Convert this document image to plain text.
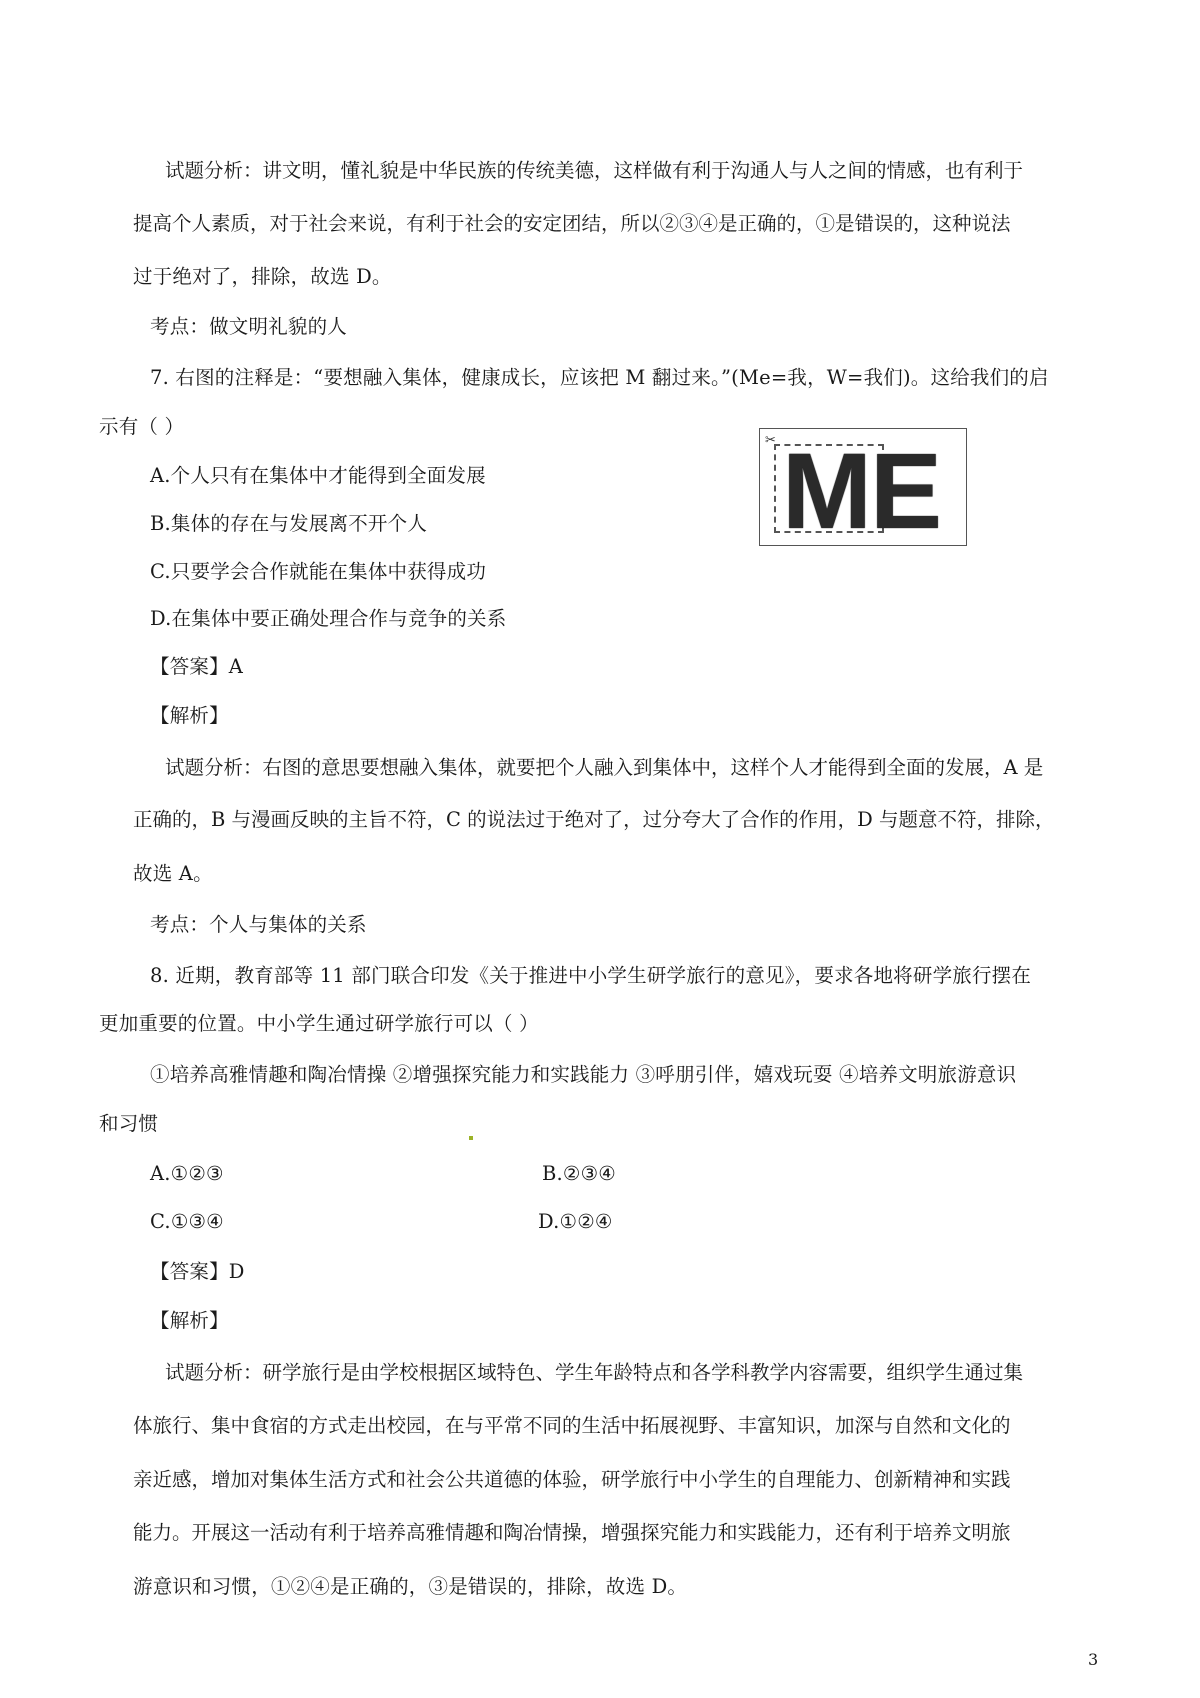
试题分析：讲文明，懂礼貌是中华民族的传统美德，这样做有利于沟通人与人之间的情感，也有利于
提高个人素质，对于社会来说，有利于社会的安定团结，所以②③④是正确的，①是错误的，这种说法
过于绝对了，排除，故选 D。
考点：做文明礼貌的人
7. 右图的注释是：“要想融入集体，健康成长，应该把 M 翻过来。”(Me=我，W=我们)。这给我们的启
示有（ ）
A.个人只有在集体中才能得到全面发展
B.集体的存在与发展离不开个人
C.只要学会合作就能在集体中获得成功
D.在集体中要正确处理合作与竞争的关系
✂ ME
【答案】A
【解析】
试题分析：右图的意思要想融入集体，就要把个人融入到集体中，这样个人才能得到全面的发展，A 是
正确的，B 与漫画反映的主旨不符，C 的说法过于绝对了，过分夸大了合作的作用，D 与题意不符，排除，
故选 A。
考点：个人与集体的关系
8. 近期，教育部等 11 部门联合印发《关于推进中小学生研学旅行的意见》，要求各地将研学旅行摆在
更加重要的位置。中小学生通过研学旅行可以（ ）
①培养高雅情趣和陶冶情操 ②增强探究能力和实践能力 ③呼朋引伴，嬉戏玩耍 ④培养文明旅游意识
和习惯
A.①②③	B.②③④
C.①③④	D.①②④
【答案】D
【解析】
试题分析：研学旅行是由学校根据区域特色、学生年龄特点和各学科教学内容需要，组织学生通过集
体旅行、集中食宿的方式走出校园，在与平常不同的生活中拓展视野、丰富知识，加深与自然和文化的
亲近感，增加对集体生活方式和社会公共道德的体验，研学旅行中小学生的自理能力、创新精神和实践
能力。开展这一活动有利于培养高雅情趣和陶冶情操，增强探究能力和实践能力，还有利于培养文明旅
游意识和习惯，①②④是正确的，③是错误的，排除，故选 D。
3
